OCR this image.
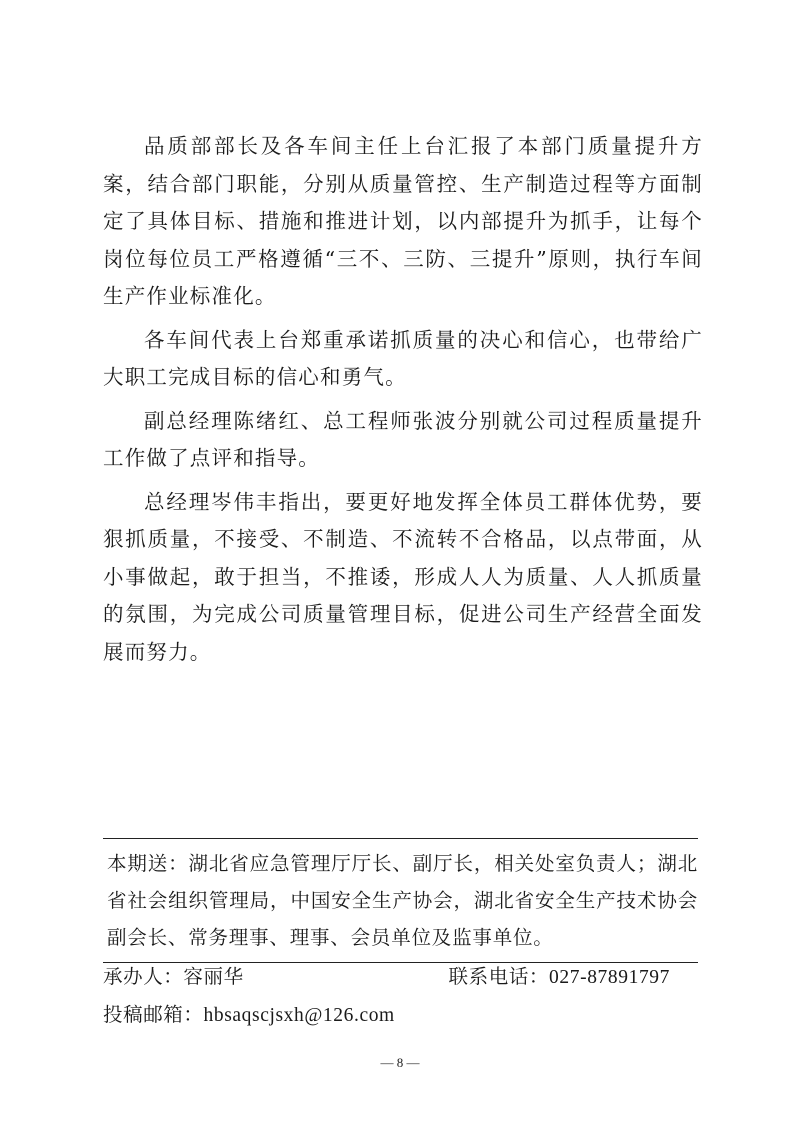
品质部部长及各车间主任上台汇报了本部门质量提升方案，结合部门职能，分别从质量管控、生产制造过程等方面制定了具体目标、措施和推进计划，以内部提升为抓手，让每个岗位每位员工严格遵循“三不、三防、三提升”原则，执行车间生产作业标准化。

各车间代表上台郑重承诺抓质量的决心和信心，也带给广大职工完成目标的信心和勇气。

副总经理陈绪红、总工程师张波分别就公司过程质量提升工作做了点评和指导。

总经理岑伟丰指出，要更好地发挥全体员工群体优势，要狠抓质量，不接受、不制造、不流转不合格品，以点带面，从小事做起，敢于担当，不推诿，形成人人为质量、人人抓质量的氛围，为完成公司质量管理目标，促进公司生产经营全面发展而努力。

本期送：湖北省应急管理厅厅长、副厅长，相关处室负责人；湖北省社会组织管理局，中国安全生产协会，湖北省安全生产技术协会副会长、常务理事、理事、会员单位及监事单位。

承办人：容丽华	联系电话：027-87891797
投稿邮箱：hbsaqscjsxh@126.com
— 8 —
